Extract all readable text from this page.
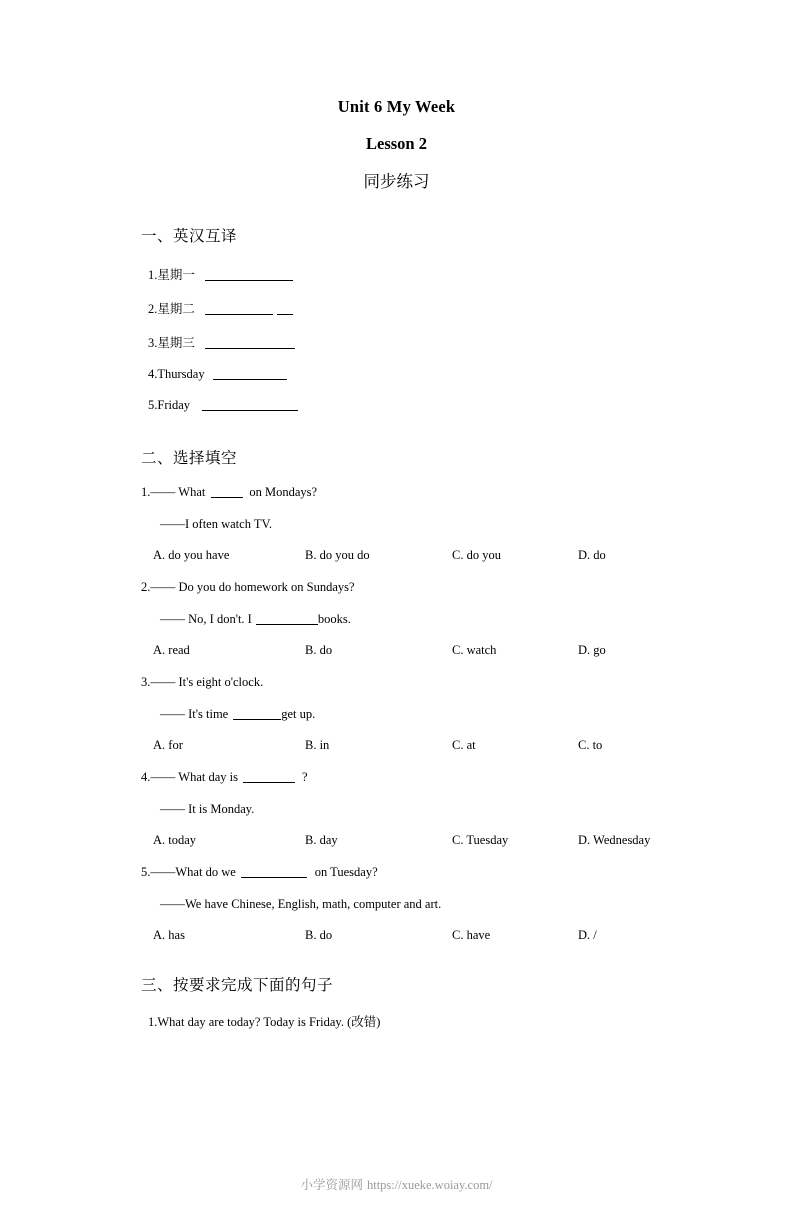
Unit 6 My Week
Lesson 2
同步练习
一、英汉互译
1.星期一
2.星期二
3.星期三
4.Thursday
5.Friday
二、选择填空
1.—— What	on Mondays?
——I often watch TV.
A. do you have	B. do you do	C. do you	D. do
2.—— Do you do homework on Sundays?
—— No, I don't. I	books.
A. read	B. do	C. watch	D. go
3.—— It's eight o'clock.
—— It's time	get up.
A. for	B. in	C. at	C. to
4.—— What day is	?
—— It is Monday.
A. today	B. day	C. Tuesday	D. Wednesday
5.——What do we	on Tuesday?
——We have Chinese, English, math, computer and art.
A. has	B. do	C. have	D. /
三、按要求完成下面的句子
1.What day are today? Today is Friday. (改错)
小学资源网 https://xueke.woiay.com/
